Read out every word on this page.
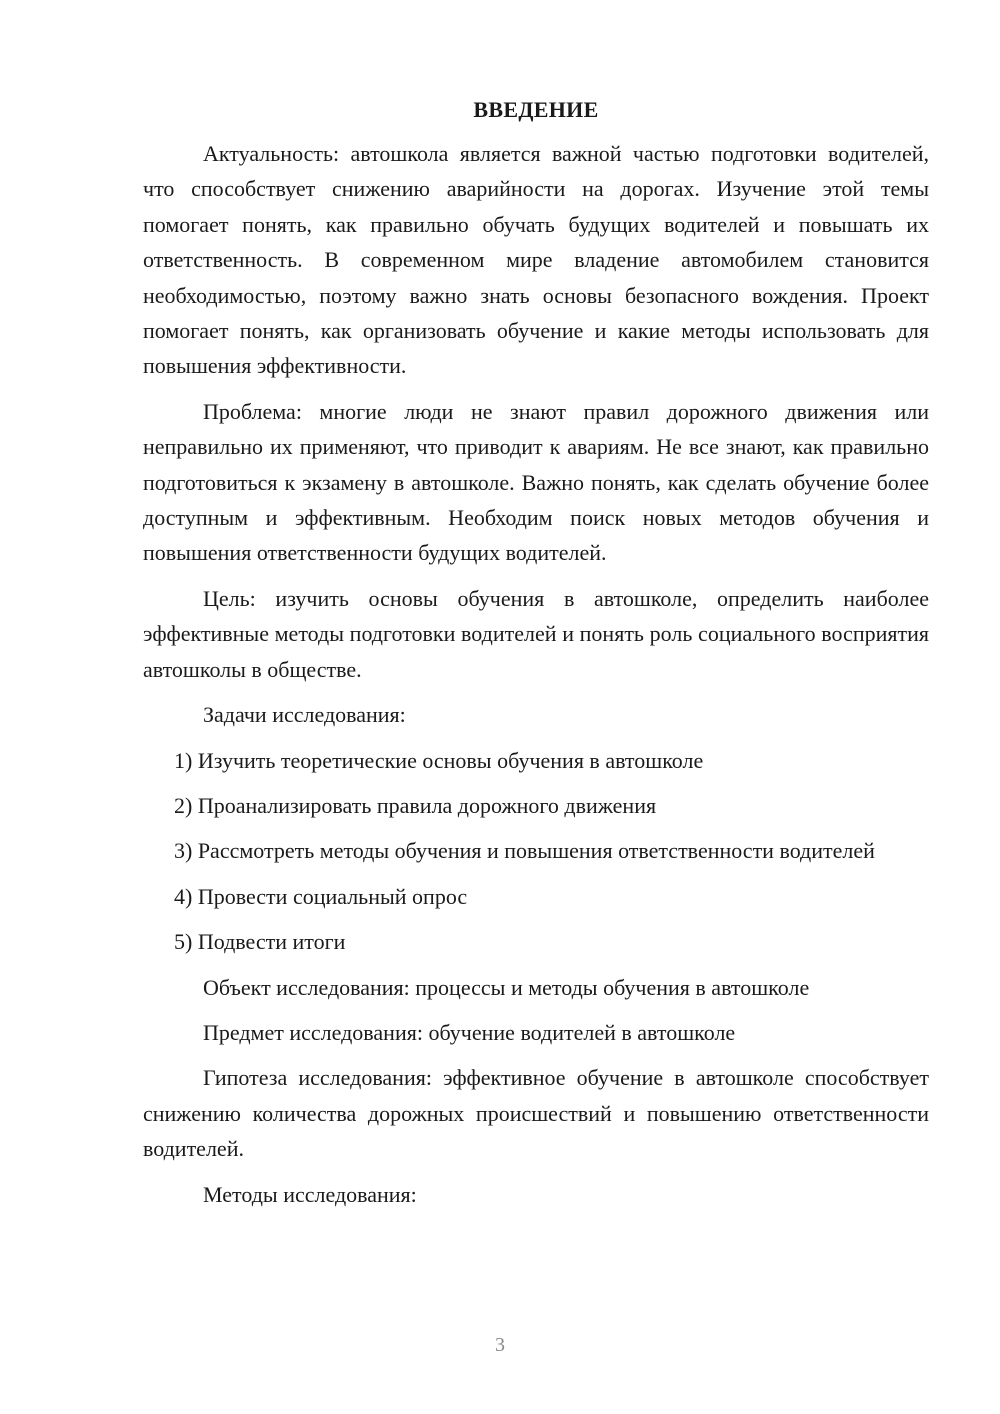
ВВЕДЕНИЕ

Актуальность: автошкола является важной частью подготовки водителей, что способствует снижению аварийности на дорогах. Изучение этой темы помогает понять, как правильно обучать будущих водителей и повышать их ответственность. В современном мире владение автомобилем становится необходимостью, поэтому важно знать основы безопасного вождения. Проект помогает понять, как организовать обучение и какие методы использовать для повышения эффективности.

Проблема: многие люди не знают правил дорожного движения или неправильно их применяют, что приводит к авариям. Не все знают, как правильно подготовиться к экзамену в автошколе. Важно понять, как сделать обучение более доступным и эффективным. Необходим поиск новых методов обучения и повышения ответственности будущих водителей.

Цель: изучить основы обучения в автошколе, определить наиболее эффективные методы подготовки водителей и понять роль социального восприятия автошколы в обществе.

Задачи исследования:

1) Изучить теоретические основы обучения в автошколе

2) Проанализировать правила дорожного движения

3) Рассмотреть методы обучения и повышения ответственности водителей

4) Провести социальный опрос

5) Подвести итоги

Объект исследования: процессы и методы обучения в автошколе

Предмет исследования: обучение водителей в автошколе

Гипотеза исследования: эффективное обучение в автошколе способствует снижению количества дорожных происшествий и повышению ответственности водителей.

Методы исследования:

3
